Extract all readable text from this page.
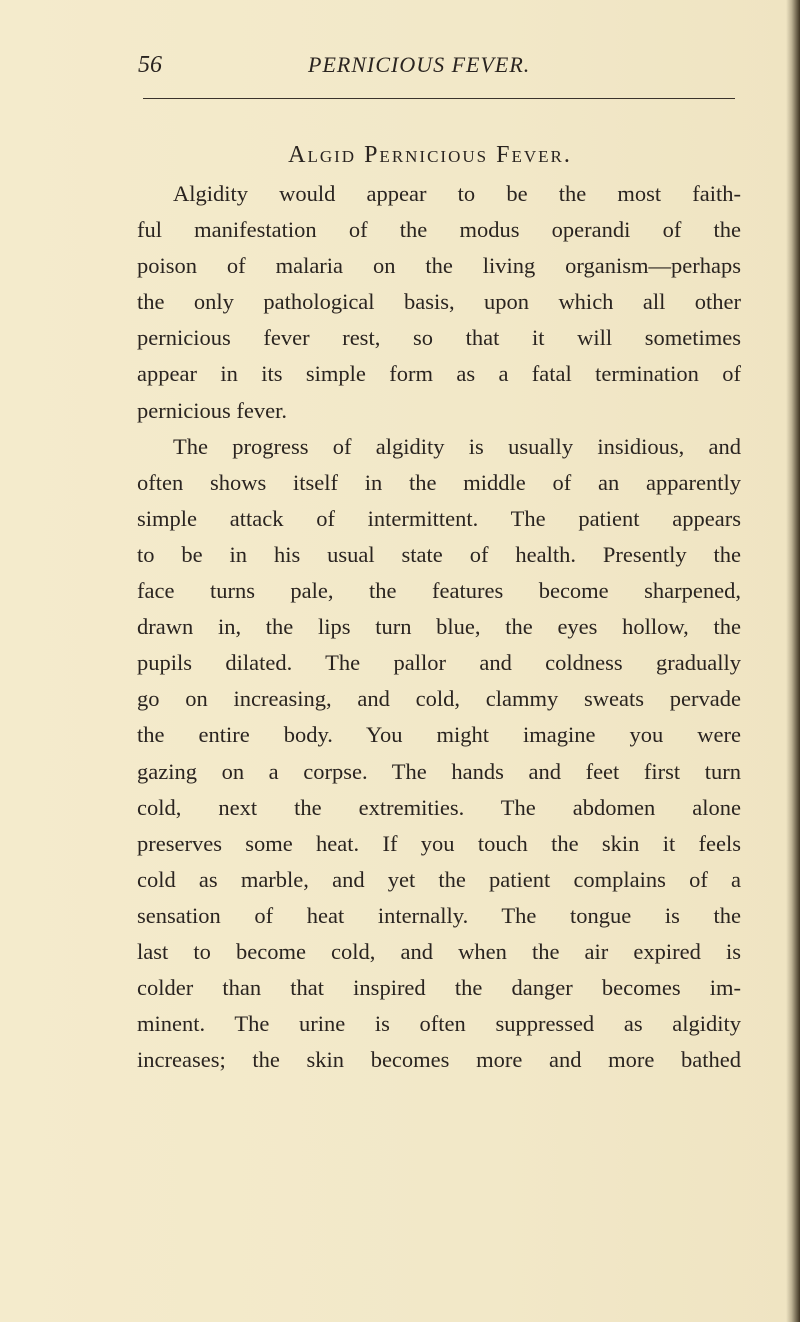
56	PERNICIOUS FEVER.
Algid Pernicious Fever.
Algidity would appear to be the most faith-
ful manifestation of the modus operandi of the
poison of malaria on the living organism—perhaps
the only pathological basis, upon which all other
pernicious fever rest, so that it will sometimes
appear in its simple form as a fatal termination of
pernicious fever.
The progress of algidity is usually insidious, and
often shows itself in the middle of an apparently
simple attack of intermittent. The patient appears
to be in his usual state of health. Presently the
face turns pale, the features become sharpened,
drawn in, the lips turn blue, the eyes hollow, the
pupils dilated. The pallor and coldness gradually
go on increasing, and cold, clammy sweats pervade
the entire body. You might imagine you were
gazing on a corpse. The hands and feet first turn
cold, next the extremities. The abdomen alone
preserves some heat. If you touch the skin it feels
cold as marble, and yet the patient complains of a
sensation of heat internally. The tongue is the
last to become cold, and when the air expired is
colder than that inspired the danger becomes im-
minent. The urine is often suppressed as algidity
increases; the skin becomes more and more bathed
